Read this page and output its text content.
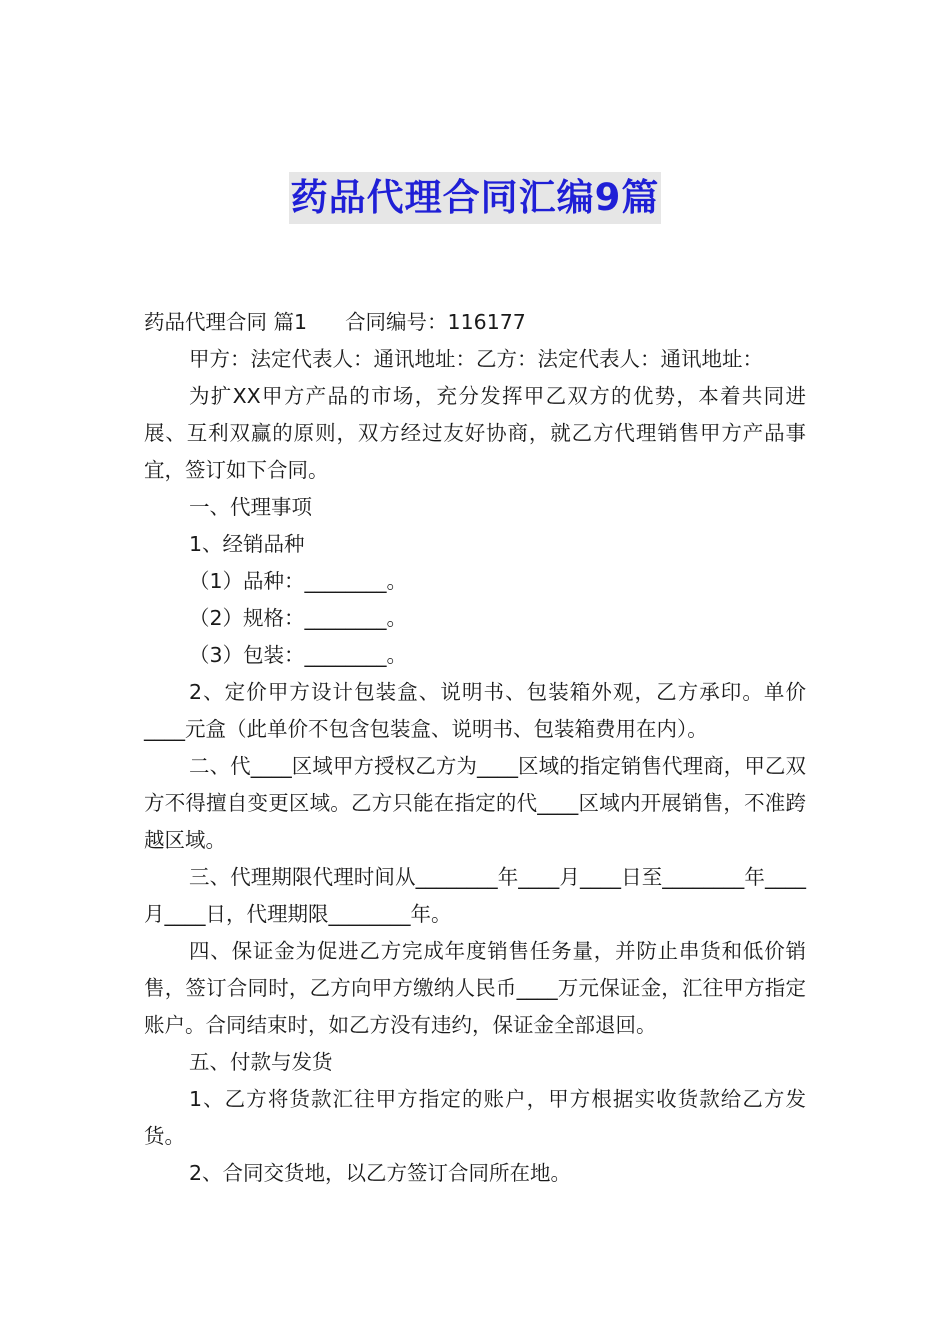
药品代理合同汇编9篇

药品代理合同 篇1 合同编号：116177

甲方：法定代表人：通讯地址：乙方：法定代表人：通讯地址：

为扩XX甲方产品的市场，充分发挥甲乙双方的优势，本着共同进展、互利双赢的原则，双方经过友好协商，就乙方代理销售甲方产品事宜，签订如下合同。

一、代理事项

1、经销品种

（1）品种：________。

（2）规格：________。

（3）包装：________。

2、定价甲方设计包装盒、说明书、包装箱外观，乙方承印。单价____元盒（此单价不包含包装盒、说明书、包装箱费用在内）。

二、代____区域甲方授权乙方为____区域的指定销售代理商，甲乙双方不得擅自变更区域。乙方只能在指定的代____区域内开展销售，不准跨越区域。

三、代理期限代理时间从________年____月____日至________年____月____日，代理期限________年。

四、保证金为促进乙方完成年度销售任务量，并防止串货和低价销售，签订合同时，乙方向甲方缴纳人民币____万元保证金，汇往甲方指定账户。合同结束时，如乙方没有违约，保证金全部退回。

五、付款与发货

1、乙方将货款汇往甲方指定的账户，甲方根据实收货款给乙方发货。

2、合同交货地，以乙方签订合同所在地。
